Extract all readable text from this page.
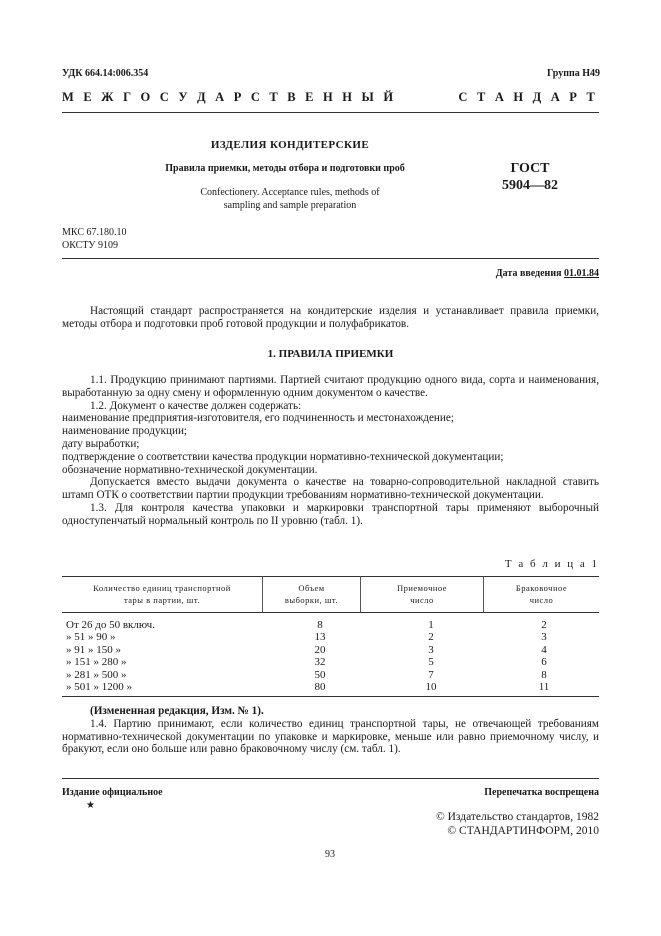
УДК 664.14:006.354	Группа Н49
М Е Ж Г О С У Д А Р С Т В Е Н Н Ы Й	С Т А Н Д А Р Т
ИЗДЕЛИЯ КОНДИТЕРСКИЕ
Правила приемки, методы отбора и подготовки проб
Confectionery. Acceptance rules, methods of
sampling and sample preparation
ГОСТ
5904—82
МКС 67.180.10
ОКСТУ 9109
Дата введения 01.01.84

Настоящий стандарт распространяется на кондитерские изделия и устанавливает правила приемки, методы отбора и подготовки проб готовой продукции и полуфабрикатов.

1. ПРАВИЛА ПРИЕМКИ

1.1. Продукцию принимают партиями. Партией считают продукцию одного вида, сорта и наименования, выработанную за одну смену и оформленную одним документом о качестве.

1.2. Документ о качестве должен содержать:

наименование предприятия-изготовителя, его подчиненность и местонахождение;

наименование продукции;

дату выработки;

подтверждение о соответствии качества продукции нормативно-технической документации;

обозначение нормативно-технической документации.

Допускается вместо выдачи документа о качестве на товарно-сопроводительной накладной ставить штамп ОТК о соответствии партии продукции требованиям нормативно-технической документации.

1.3. Для контроля качества упаковки и маркировки транспортной тары применяют выборочный одноступенчатый нормальный контроль по II уровню (табл. 1).

Т а б л и ц а 1
Количество единиц транспортной
тары в партии, шт.
Объем
выборки, шт.
Приемочное
число
Браковочное
число
От 26 до 50 включ.
» 51 » 90 »
» 91 » 150 »
» 151 » 280 »
» 281 » 500 »
» 501 » 1200 »
8
13
20
32
50
80
1
2
3
5
7
10
2
3
4
6
8
11

(Измененная редакция, Изм. № 1).

1.4. Партию принимают, если количество единиц транспортной тары, не отвечающей требованиям нормативно-технической документации по упаковке и маркировке, меньше или равно приемочному числу, и бракуют, если оно больше или равно браковочному числу (см. табл. 1).

Издание официальное
★
Перепечатка воспрещена
© Издательство стандартов, 1982
© СТАНДАРТИНФОРМ, 2010
93
